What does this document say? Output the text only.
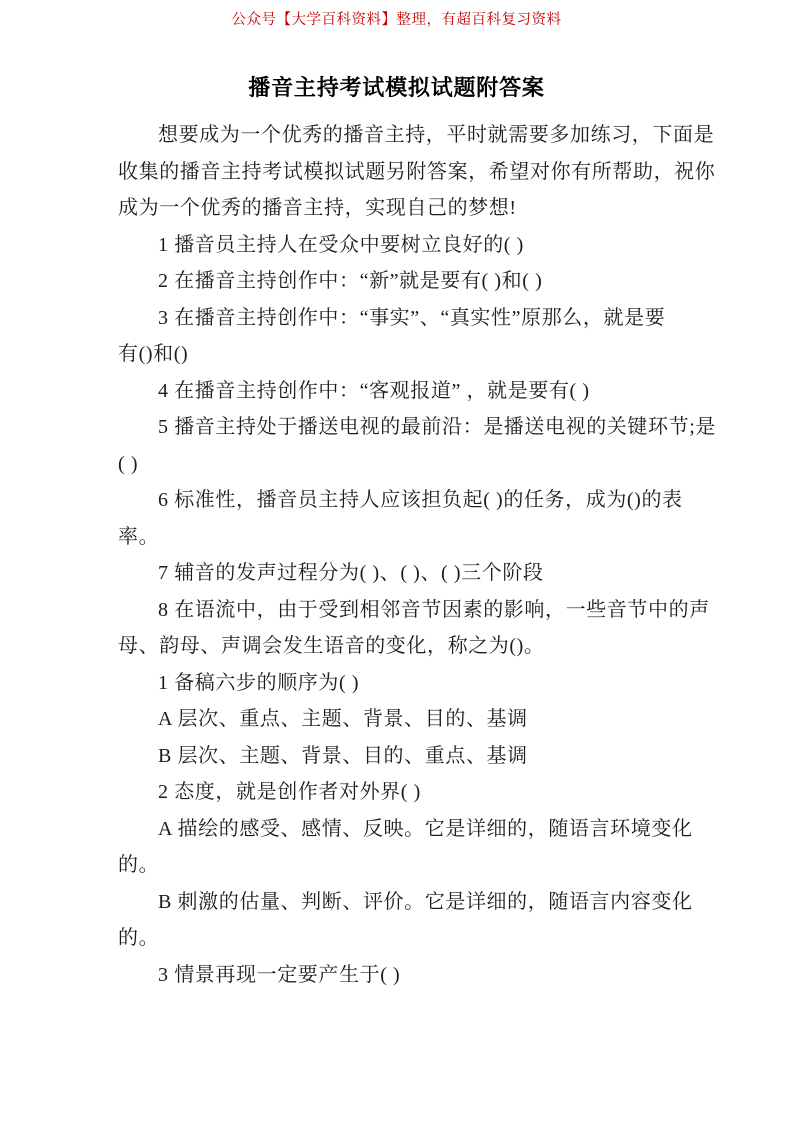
公众号【大学百科资料】整理，有超百科复习资料
播音主持考试模拟试题附答案
想要成为一个优秀的播音主持，平时就需要多加练习，下面是
收集的播音主持考试模拟试题另附答案，希望对你有所帮助，祝你
成为一个优秀的播音主持，实现自己的梦想!
1 播音员主持人在受众中要树立良好的( )
2 在播音主持创作中：“新”就是要有( )和( )
3 在播音主持创作中：“事实”、“真实性”原那么，就是要
有()和()
4 在播音主持创作中：“客观报道” ，就是要有( )
5 播音主持处于播送电视的最前沿：是播送电视的关键环节;是
( )
6 标准性，播音员主持人应该担负起( )的任务，成为()的表
率。
7 辅音的发声过程分为( )、( )、( )三个阶段
8 在语流中，由于受到相邻音节因素的影响，一些音节中的声
母、韵母、声调会发生语音的变化，称之为()。
1 备稿六步的顺序为( )
A 层次、重点、主题、背景、目的、基调
B 层次、主题、背景、目的、重点、基调
2 态度，就是创作者对外界( )
A 描绘的感受、感情、反映。它是详细的，随语言环境变化
的。
B 刺激的估量、判断、评价。它是详细的，随语言内容变化
的。
3 情景再现一定要产生于( )
